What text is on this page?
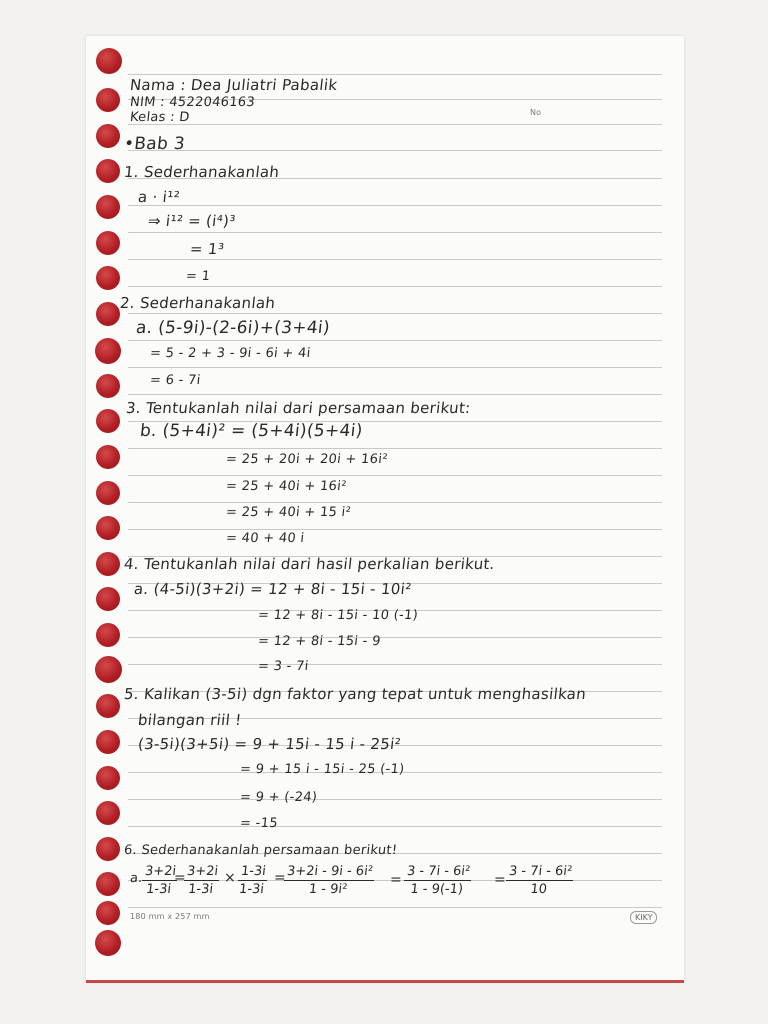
Nama : Dea Juliatri Pabalik
NIM : 4522046163
No
Kelas : D
•Bab 3
1. Sederhanakanlah
a · i¹²
⇒ i¹² = (i⁴)³
= 1³
= 1
2. Sederhanakanlah
a. (5-9i)-(2-6i)+(3+4i)
= 5 - 2 + 3 - 9i - 6i + 4i
= 6 - 7i
3. Tentukanlah nilai dari persamaan berikut:
b. (5+4i)² = (5+4i)(5+4i)
= 25 + 20i + 20i + 16i²
= 25 + 40i + 16i²
= 25 + 40i + 15 i²
= 40 + 40 i
4. Tentukanlah nilai dari hasil perkalian berikut.
a. (4-5i)(3+2i) = 12 + 8i - 15i - 10i²
= 12 + 8i - 15i - 10 (-1)
= 12 + 8i - 15i - 9
= 3 - 7i
5. Kalikan (3-5i) dgn faktor yang tepat untuk menghasilkan
bilangan riil !
(3-5i)(3+5i) = 9 + 15i - 15 i - 25i²
= 9 + 15 i - 15i - 25 (-1)
= 9 + (-24)
= -15
6. Sederhanakanlah persamaan berikut!
a.
$\frac{3+2i}{1-3i}$
=
$\frac{3+2i}{1-3i} \times \frac{1-3i}{1-3i}$ =
$\frac{\text{3+2i - 9i - 6i²}}{\text{1 - 9i²}} = \frac{\text{3 - 7i - 6i²}}{1 - 9(-1)}$ =
$\frac{\text{3 - 7i - 6i²}}{10}$
180 mm x 257 mm	KIKY
